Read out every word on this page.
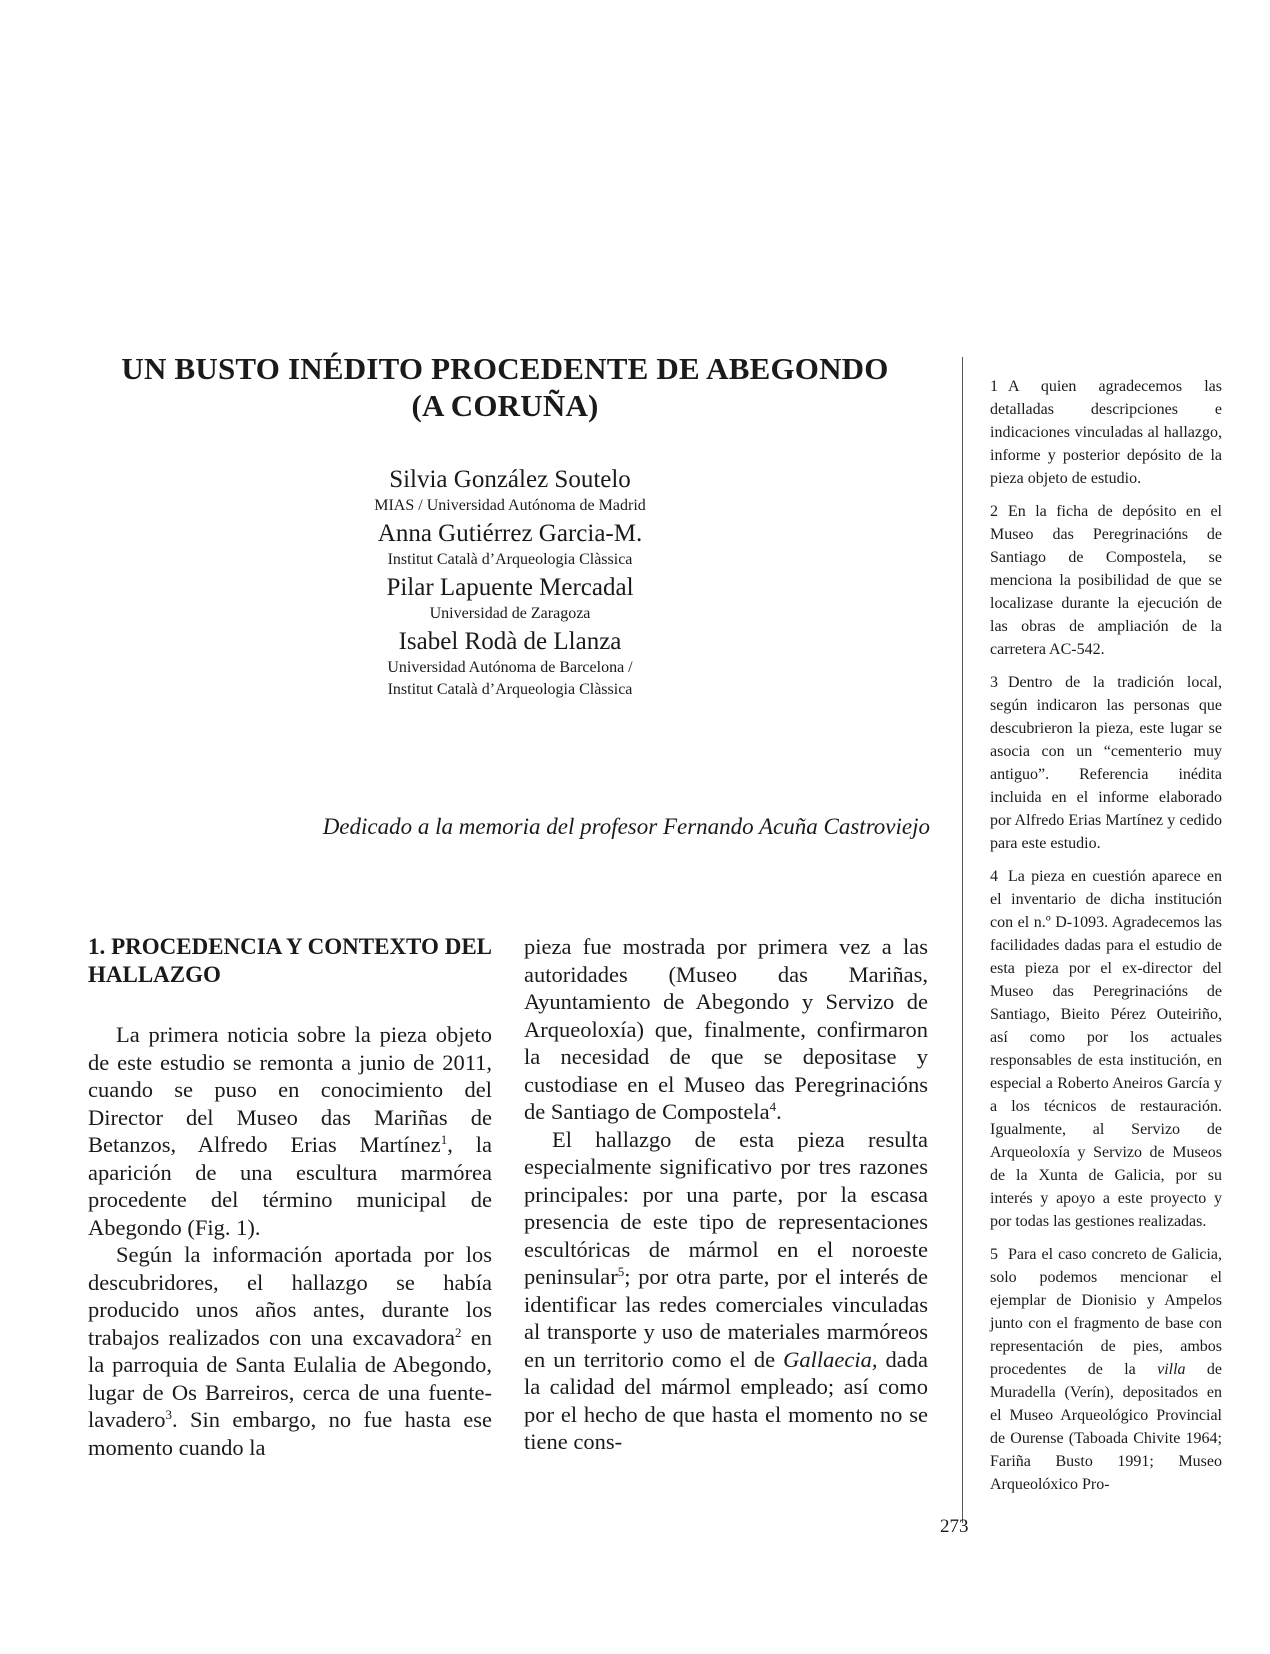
UN BUSTO INÉDITO PROCEDENTE DE ABEGONDO
(A CORUÑA)
Silvia González Soutelo
MIAS / Universidad Autónoma de Madrid
Anna Gutiérrez Garcia-M.
Institut Català d’Arqueologia Clàssica
Pilar Lapuente Mercadal
Universidad de Zaragoza
Isabel Rodà de Llanza
Universidad Autónoma de Barcelona /
Institut Català d’Arqueologia Clàssica
Dedicado a la memoria del profesor Fernando Acuña Castroviejo

1. PROCEDENCIA Y CONTEXTO DEL HALLAZGO

La primera noticia sobre la pieza objeto de este estudio se remonta a junio de 2011, cuando se puso en conocimiento del Director del Museo das Mariñas de Betanzos, Alfredo Erias Martínez$^1$, la aparición de una escultura marmórea procedente del término municipal de Abegondo (Fig. 1).

Según la información aportada por los descubridores, el hallazgo se había producido unos años antes, durante los trabajos realizados con una excavadora$^2$ en la parroquia de Santa Eulalia de Abegondo, lugar de Os Barreiros, cerca de una fuente-lavadero$^3$. Sin embargo, no fue hasta ese momento cuando la

pieza fue mostrada por primera vez a las autoridades (Museo das Mariñas, Ayuntamiento de Abegondo y Servizo de Arqueoloxía) que, finalmente, confirmaron la necesidad de que se depositase y custodiase en el Museo das Peregrinacións de Santiago de Compostela$^4$.

El hallazgo de esta pieza resulta especialmente significativo por tres razones principales: por una parte, por la escasa presencia de este tipo de representaciones escultóricas de mármol en el noroeste peninsular$^5$; por otra parte, por el interés de identificar las redes comerciales vinculadas al transporte y uso de materiales marmóreos en un territorio como el de Gallaecia, dada la calidad del mármol empleado; así como por el hecho de que hasta el momento no se tiene cons-

1 A quien agradecemos las detalladas descripciones e indicaciones vinculadas al hallazgo, informe y posterior depósito de la pieza objeto de estudio.

2 En la ficha de depósito en el Museo das Peregrinacións de Santiago de Compostela, se menciona la posibilidad de que se localizase durante la ejecución de las obras de ampliación de la carretera AC-542.

3 Dentro de la tradición local, según indicaron las personas que descubrieron la pieza, este lugar se asocia con un “cementerio muy antiguo”. Referencia inédita incluida en el informe elaborado por Alfredo Erias Martínez y cedido para este estudio.

4 La pieza en cuestión aparece en el inventario de dicha institución con el n.º D-1093. Agradecemos las facilidades dadas para el estudio de esta pieza por el ex-director del Museo das Peregrinacións de Santiago, Bieito Pérez Outeiriño, así como por los actuales responsables de esta institución, en especial a Roberto Aneiros García y a los técnicos de restauración. Igualmente, al Servizo de Arqueoloxía y Servizo de Museos de la Xunta de Galicia, por su interés y apoyo a este proyecto y por todas las gestiones realizadas.

5 Para el caso concreto de Galicia, solo podemos mencionar el ejemplar de Dionisio y Ampelos junto con el fragmento de base con representación de pies, ambos procedentes de la villa de Muradella (Verín), depositados en el Museo Arqueológico Provincial de Ourense (Taboada Chivite 1964; Fariña Busto 1991; Museo Arqueolóxico Pro-

273
